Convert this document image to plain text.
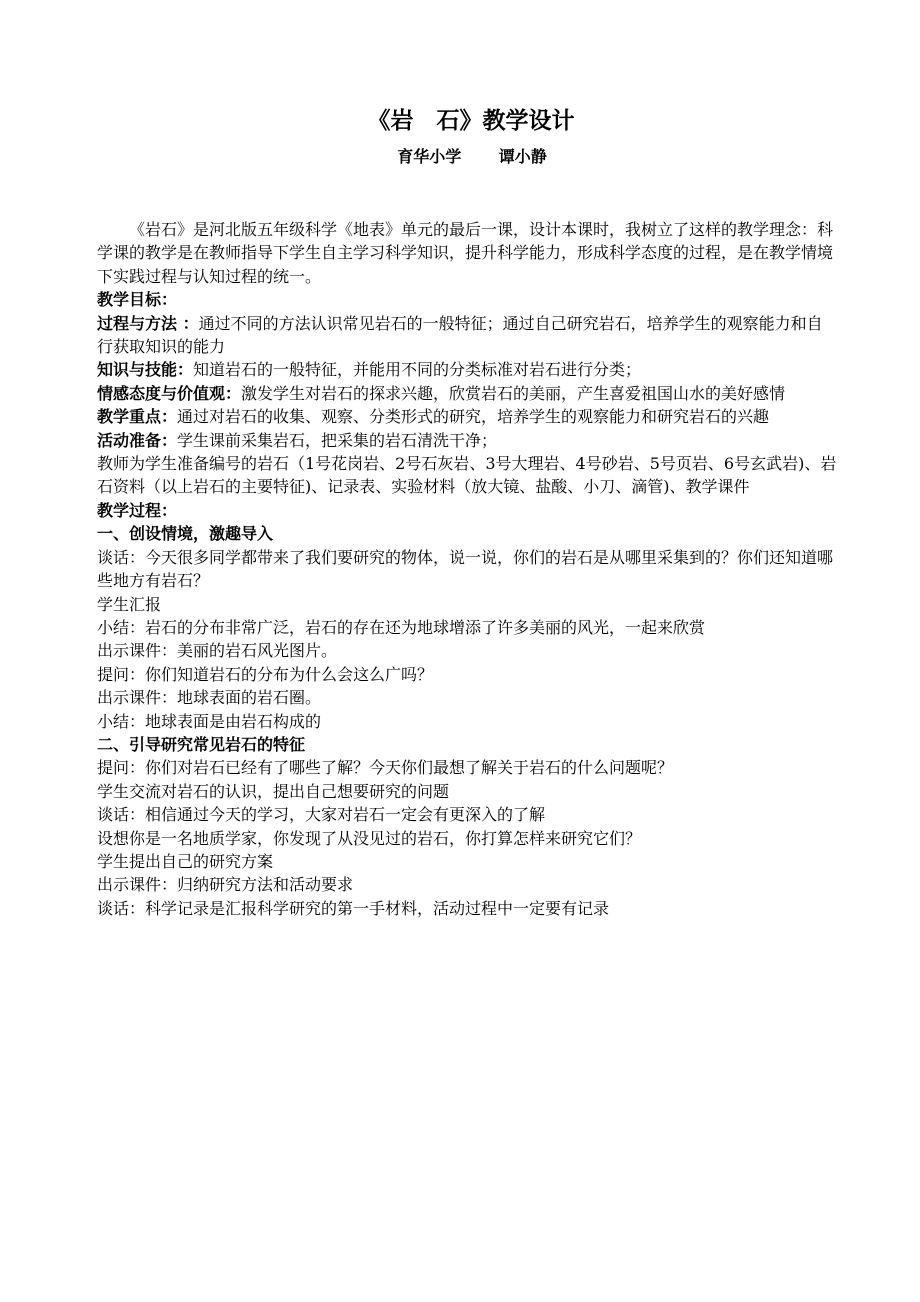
《岩　石》教学设计
育华小学　　 谭小静

《岩石》是河北版五年级科学《地表》单元的最后一课，设计本课时，我树立了这样的教学理念：科学课的教学是在教师指导下学生自主学习科学知识，提升科学能力，形成科学态度的过程，是在教学情境下实践过程与认知过程的统一。

教学目标：

过程与方法 ：通过不同的方法认识常见岩石的一般特征；通过自己研究岩石，培养学生的观察能力和自行获取知识的能力

知识与技能：知道岩石的一般特征，并能用不同的分类标准对岩石进行分类；

情感态度与价值观：激发学生对岩石的探求兴趣，欣赏岩石的美丽，产生喜爱祖国山水的美好感情

教学重点：通过对岩石的收集、观察、分类形式的研究，培养学生的观察能力和研究岩石的兴趣

活动准备：学生课前采集岩石，把采集的岩石清洗干净；

教师为学生准备编号的岩石（1号花岗岩、2号石灰岩、3号大理岩、4号砂岩、5号页岩、6号玄武岩)、岩石资料（以上岩石的主要特征)、记录表、实验材料（放大镜、盐酸、小刀、滴管)、教学课件

教学过程：

一、创设情境，激趣导入

谈话：今天很多同学都带来了我们要研究的物体，说一说，你们的岩石是从哪里采集到的？你们还知道哪些地方有岩石？

学生汇报

小结：岩石的分布非常广泛，岩石的存在还为地球增添了许多美丽的风光，一起来欣赏

出示课件：美丽的岩石风光图片。

提问：你们知道岩石的分布为什么会这么广吗？

出示课件：地球表面的岩石圈。

小结：地球表面是由岩石构成的

二、引导研究常见岩石的特征

提问：你们对岩石已经有了哪些了解？今天你们最想了解关于岩石的什么问题呢？

学生交流对岩石的认识，提出自己想要研究的问题

谈话：相信通过今天的学习，大家对岩石一定会有更深入的了解

设想你是一名地质学家，你发现了从没见过的岩石，你打算怎样来研究它们？

学生提出自己的研究方案

出示课件：归纳研究方法和活动要求

谈话：科学记录是汇报科学研究的第一手材料，活动过程中一定要有记录
